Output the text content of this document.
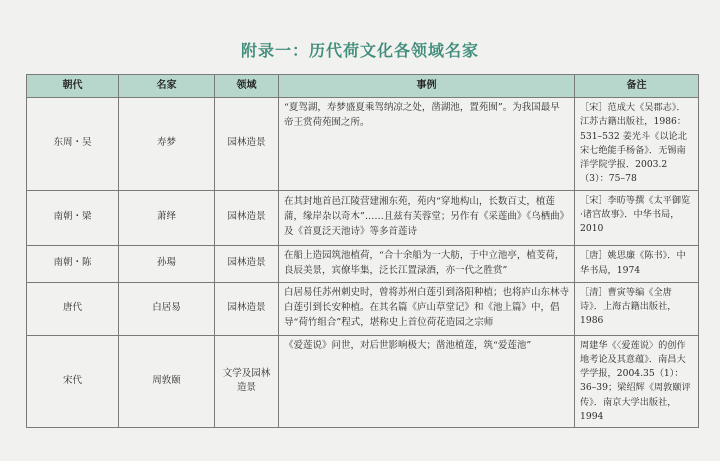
附录一：历代荷文化各领域名家
朝代	名家	领域	事例	备注
东周・吴	寿梦	园林造景	“夏驾湖，寿梦盛夏乘驾纳凉之处，凿湖池，置苑囿”。为我国最早帝王赏荷苑囿之所。	［宋］范成大《吴郡志》．江苏古籍出版社，1986：531–532 姜光斗《以论北宋七绝能手杨备》．无锡南洋学院学报．2003.2（3）：75–78
南朝・梁	萧绎	园林造景	在其封地首邑江陵营建湘东苑，苑内“穿地构山，长数百丈，植莲蒲，缘岸杂以奇木”……且兹有芙蓉堂；另作有《采莲曲》《乌栖曲》及《首夏泛天池诗》等多首莲诗	［宋］李昉等撰《太平御览·诸宫故事》．中华书局，2010
南朝・陈	孙瑒	园林造景	在船上造园筑池植荷，“合十余船为一大舫，于中立池亭，植芰荷，良辰美景，宾僚毕集，泛长江置渌酒，亦一代之胜赏”	［唐］姚思廉《陈书》．中华书局，1974
唐代	白居易	园林造景	白居易任苏州刺史时，曾将苏州白莲引到洛阳种植；也将庐山东林寺白莲引到长安种植。在其名篇《庐山草堂记》和《池上篇》中，倡导“荷竹组合”程式，堪称史上首位荷花造园之宗师	［清］曹寅等编《全唐诗》．上海古籍出版社，1986
宋代	周敦颐	文学及园林造景	《爱莲说》问世，对后世影响极大；凿池植莲，筑“爱莲池”	周建华《〈爱莲说〉的创作地考论及其意蕴》．南昌大学学报，2004.35（1）：36–39；梁绍辉《周敦颐评传》．南京大学出版社，1994
